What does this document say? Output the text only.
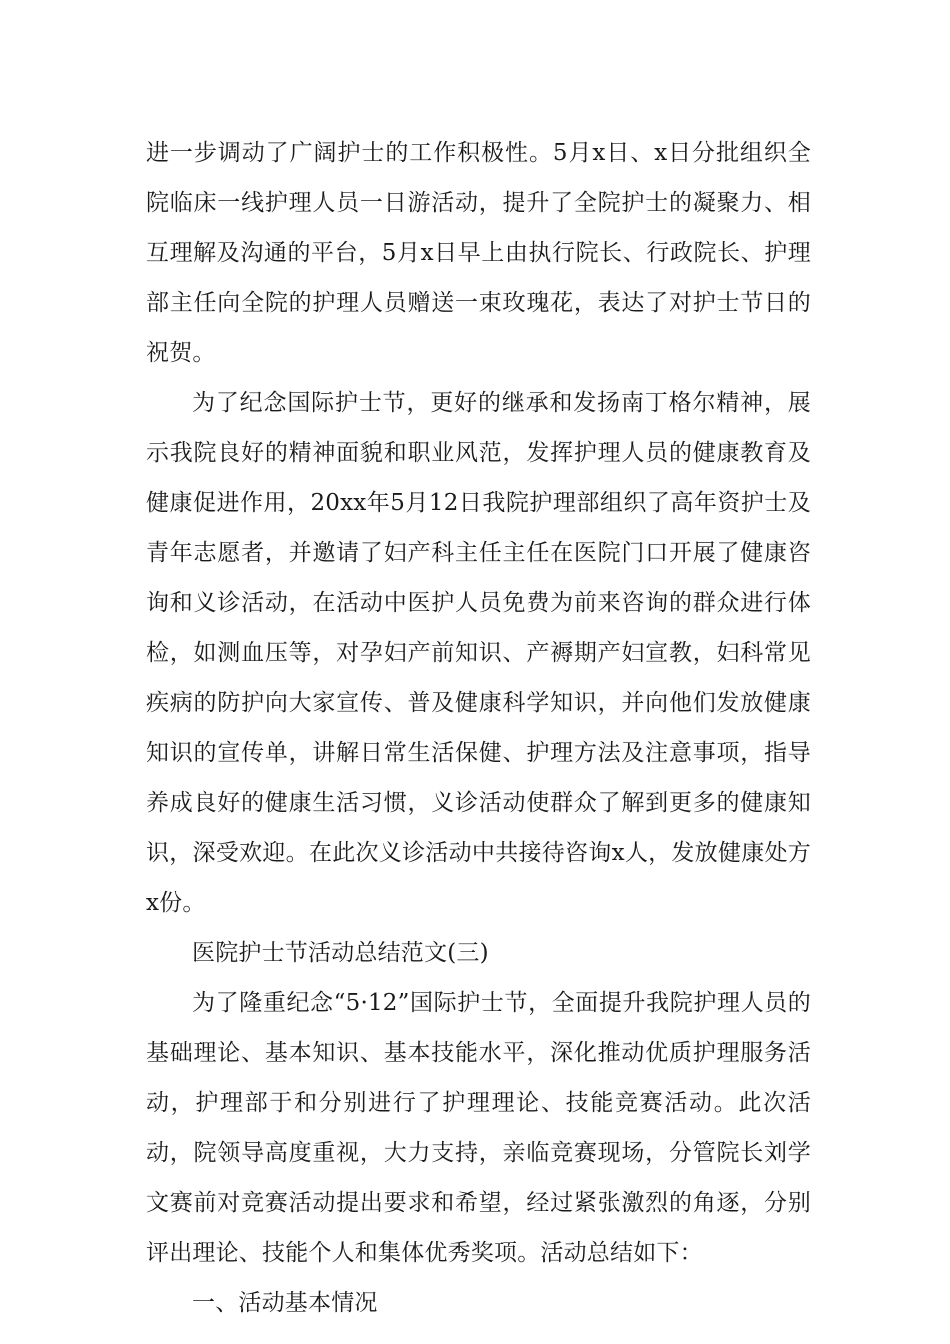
进一步调动了广阔护士的工作积极性。5月x日、x日分批组织全院临床一线护理人员一日游活动，提升了全院护士的凝聚力、相互理解及沟通的平台，5月x日早上由执行院长、行政院长、护理部主任向全院的护理人员赠送一束玫瑰花，表达了对护士节日的祝贺。

为了纪念国际护士节，更好的继承和发扬南丁格尔精神，展示我院良好的精神面貌和职业风范，发挥护理人员的健康教育及健康促进作用，20xx年5月12日我院护理部组织了高年资护士及青年志愿者，并邀请了妇产科主任主任在医院门口开展了健康咨询和义诊活动，在活动中医护人员免费为前来咨询的群众进行体检，如测血压等，对孕妇产前知识、产褥期产妇宣教，妇科常见疾病的防护向大家宣传、普及健康科学知识，并向他们发放健康知识的宣传单，讲解日常生活保健、护理方法及注意事项，指导养成良好的健康生活习惯，义诊活动使群众了解到更多的健康知识，深受欢迎。在此次义诊活动中共接待咨询x人，发放健康处方x份。

医院护士节活动总结范文(三)

为了隆重纪念“5·12”国际护士节，全面提升我院护理人员的基础理论、基本知识、基本技能水平，深化推动优质护理服务活动，护理部于和分别进行了护理理论、技能竞赛活动。此次活动，院领导高度重视，大力支持，亲临竞赛现场，分管院长刘学文赛前对竞赛活动提出要求和希望，经过紧张激烈的角逐，分别评出理论、技能个人和集体优秀奖项。活动总结如下：

一、活动基本情况
